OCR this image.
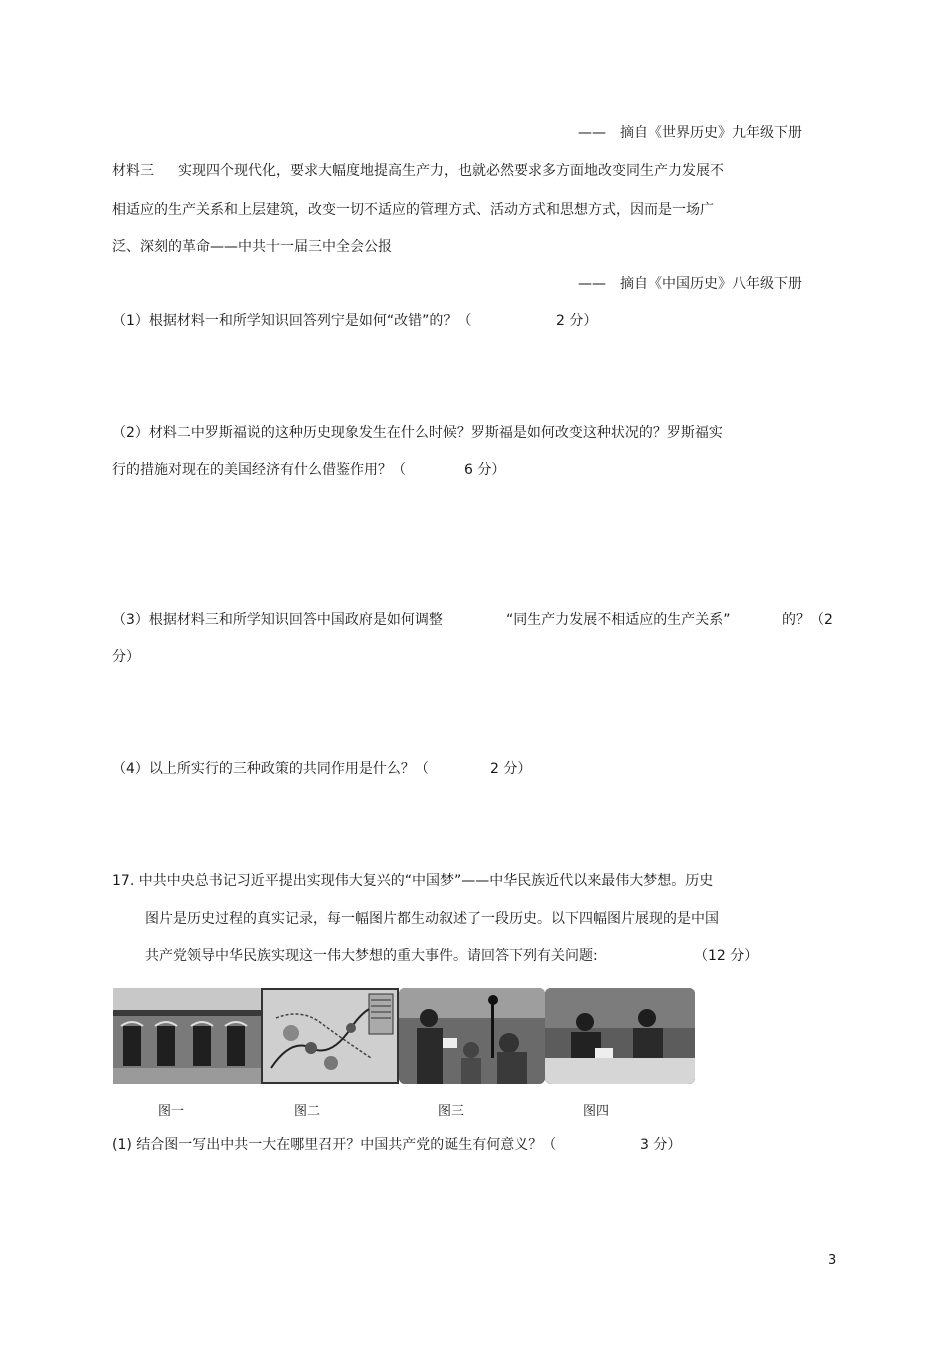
——　摘自《世界历史》九年级下册
材料三 实现四个现代化，要求大幅度地提高生产力，也就必然要求多方面地改变同生产力发展不
相适应的生产关系和上层建筑，改变一切不适应的管理方式、活动方式和思想方式，因而是一场广
泛、深刻的革命——中共十一届三中全会公报
——　摘自《中国历史》八年级下册
（1）根据材料一和所学知识回答列宁是如何“改错”的？（	2 分）
（2）材料二中罗斯福说的这种历史现象发生在什么时候？罗斯福是如何改变这种状况的？罗斯福实
行的措施对现在的美国经济有什么借鉴作用？（	6 分）
（3）根据材料三和所学知识回答中国政府是如何调整	“同生产力发展不相适应的生产关系”	的？（2
分）
（4）以上所实行的三种政策的共同作用是什么？（	2 分）
17. 中共中央总书记习近平提出实现伟大复兴的“中国梦”——中华民族近代以来最伟大梦想。历史
图片是历史过程的真实记录，每一幅图片都生动叙述了一段历史。以下四幅图片展现的是中国
共产党领导中华民族实现这一伟大梦想的重大事件。请回答下列有关问题:	（12 分）
图一	图二	图三	图四
(1) 结合图一写出中共一大在哪里召开？中国共产党的诞生有何意义？（	3 分）
3
